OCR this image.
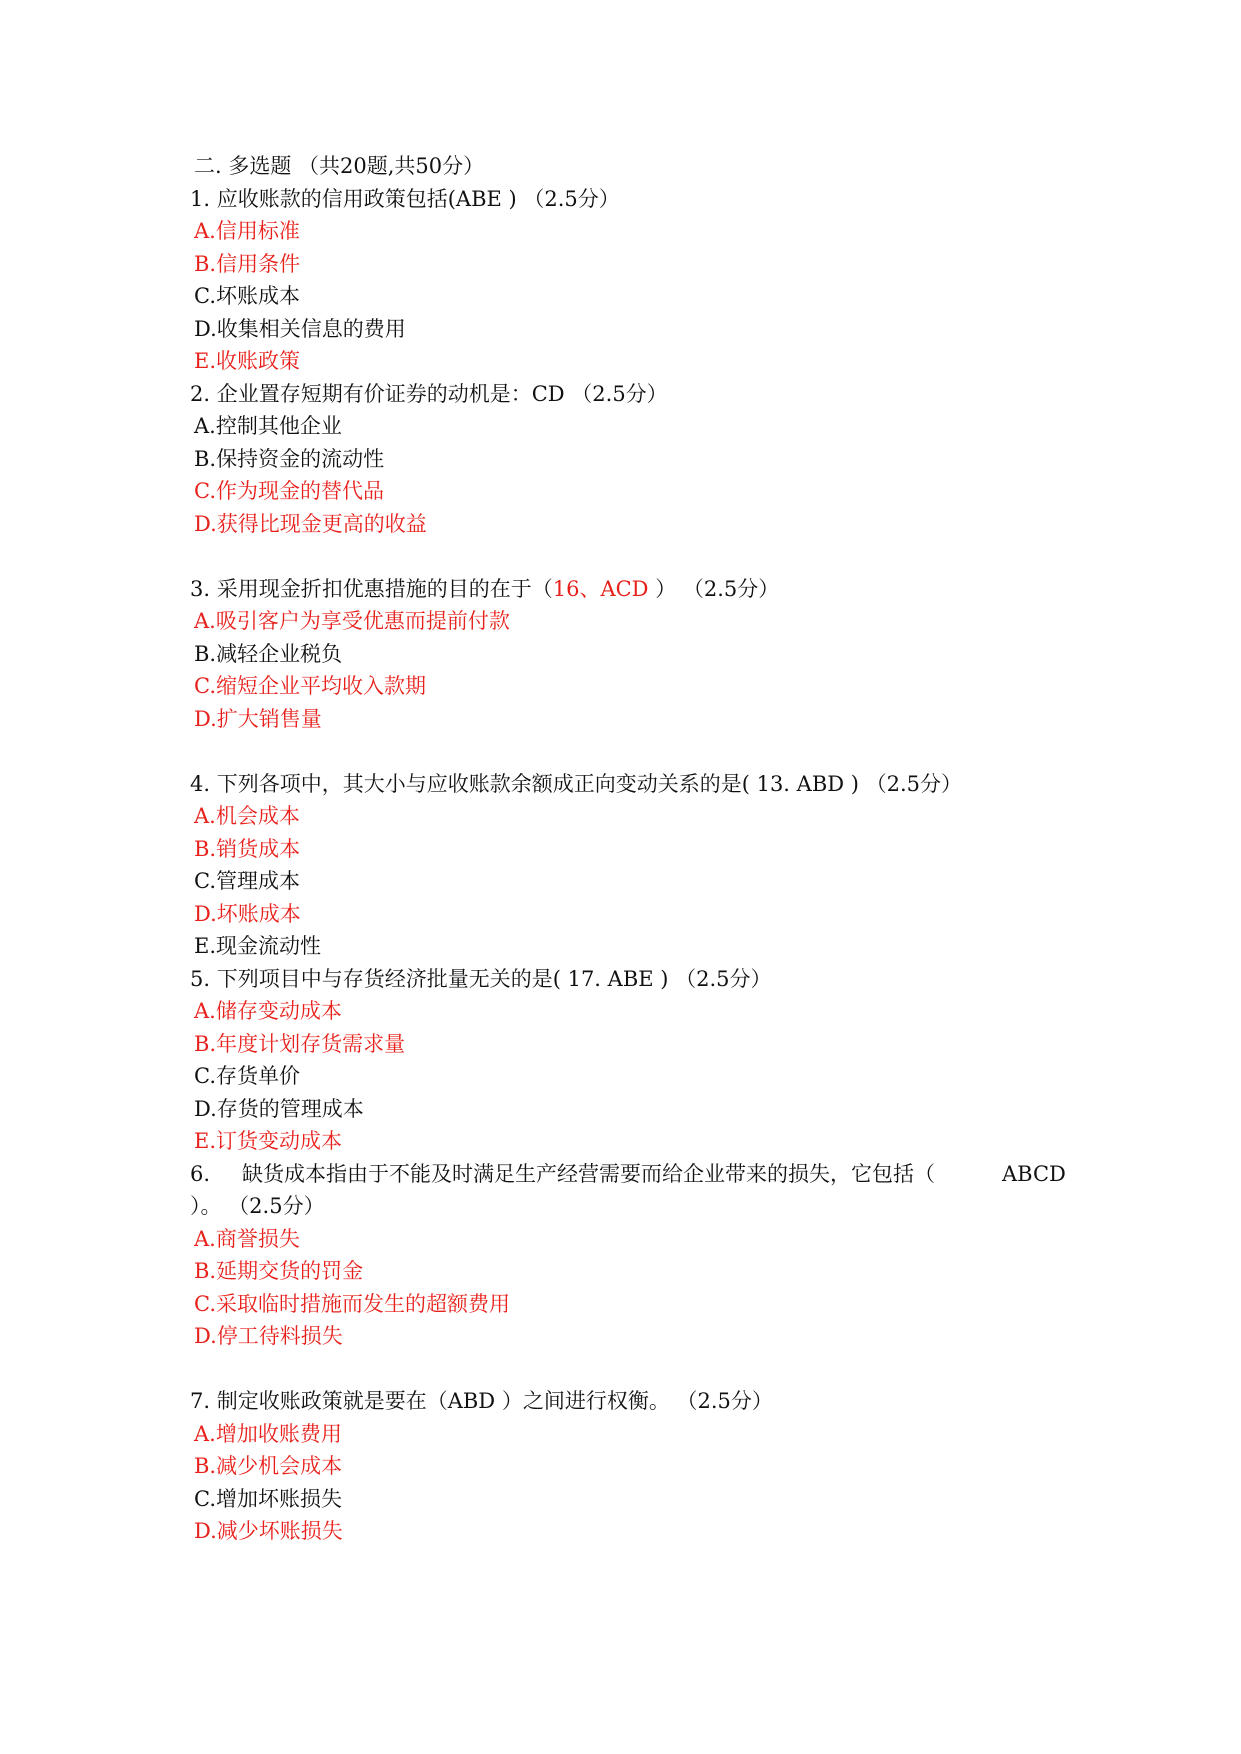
二. 多选题 （共20题,共50分）
1. 应收账款的信用政策包括(ABE ) （2.5分）
A.信用标准
B.信用条件
C.坏账成本
D.收集相关信息的费用
E.收账政策
2. 企业置存短期有价证券的动机是：CD （2.5分）
A.控制其他企业
B.保持资金的流动性
C.作为现金的替代品
D.获得比现金更高的收益
3. 采用现金折扣优惠措施的目的在于（16、ACD ） （2.5分）
A.吸引客户为享受优惠而提前付款
B.减轻企业税负
C.缩短企业平均收入款期
D.扩大销售量
4. 下列各项中，其大小与应收账款余额成正向变动关系的是( 13. ABD ) （2.5分）
A.机会成本
B.销货成本
C.管理成本
D.坏账成本
E.现金流动性
5. 下列项目中与存货经济批量无关的是( 17. ABE ) （2.5分）
A.储存变动成本
B.年度计划存货需求量
C.存货单价
D.存货的管理成本
E.订货变动成本
6. 缺货成本指由于不能及时满足生产经营需要而给企业带来的损失，它包括（	ABCD
）。 （2.5分）
A.商誉损失
B.延期交货的罚金
C.采取临时措施而发生的超额费用
D.停工待料损失
7. 制定收账政策就是要在（ABD ）之间进行权衡。 （2.5分）
A.增加收账费用
B.减少机会成本
C.增加坏账损失
D.减少坏账损失
